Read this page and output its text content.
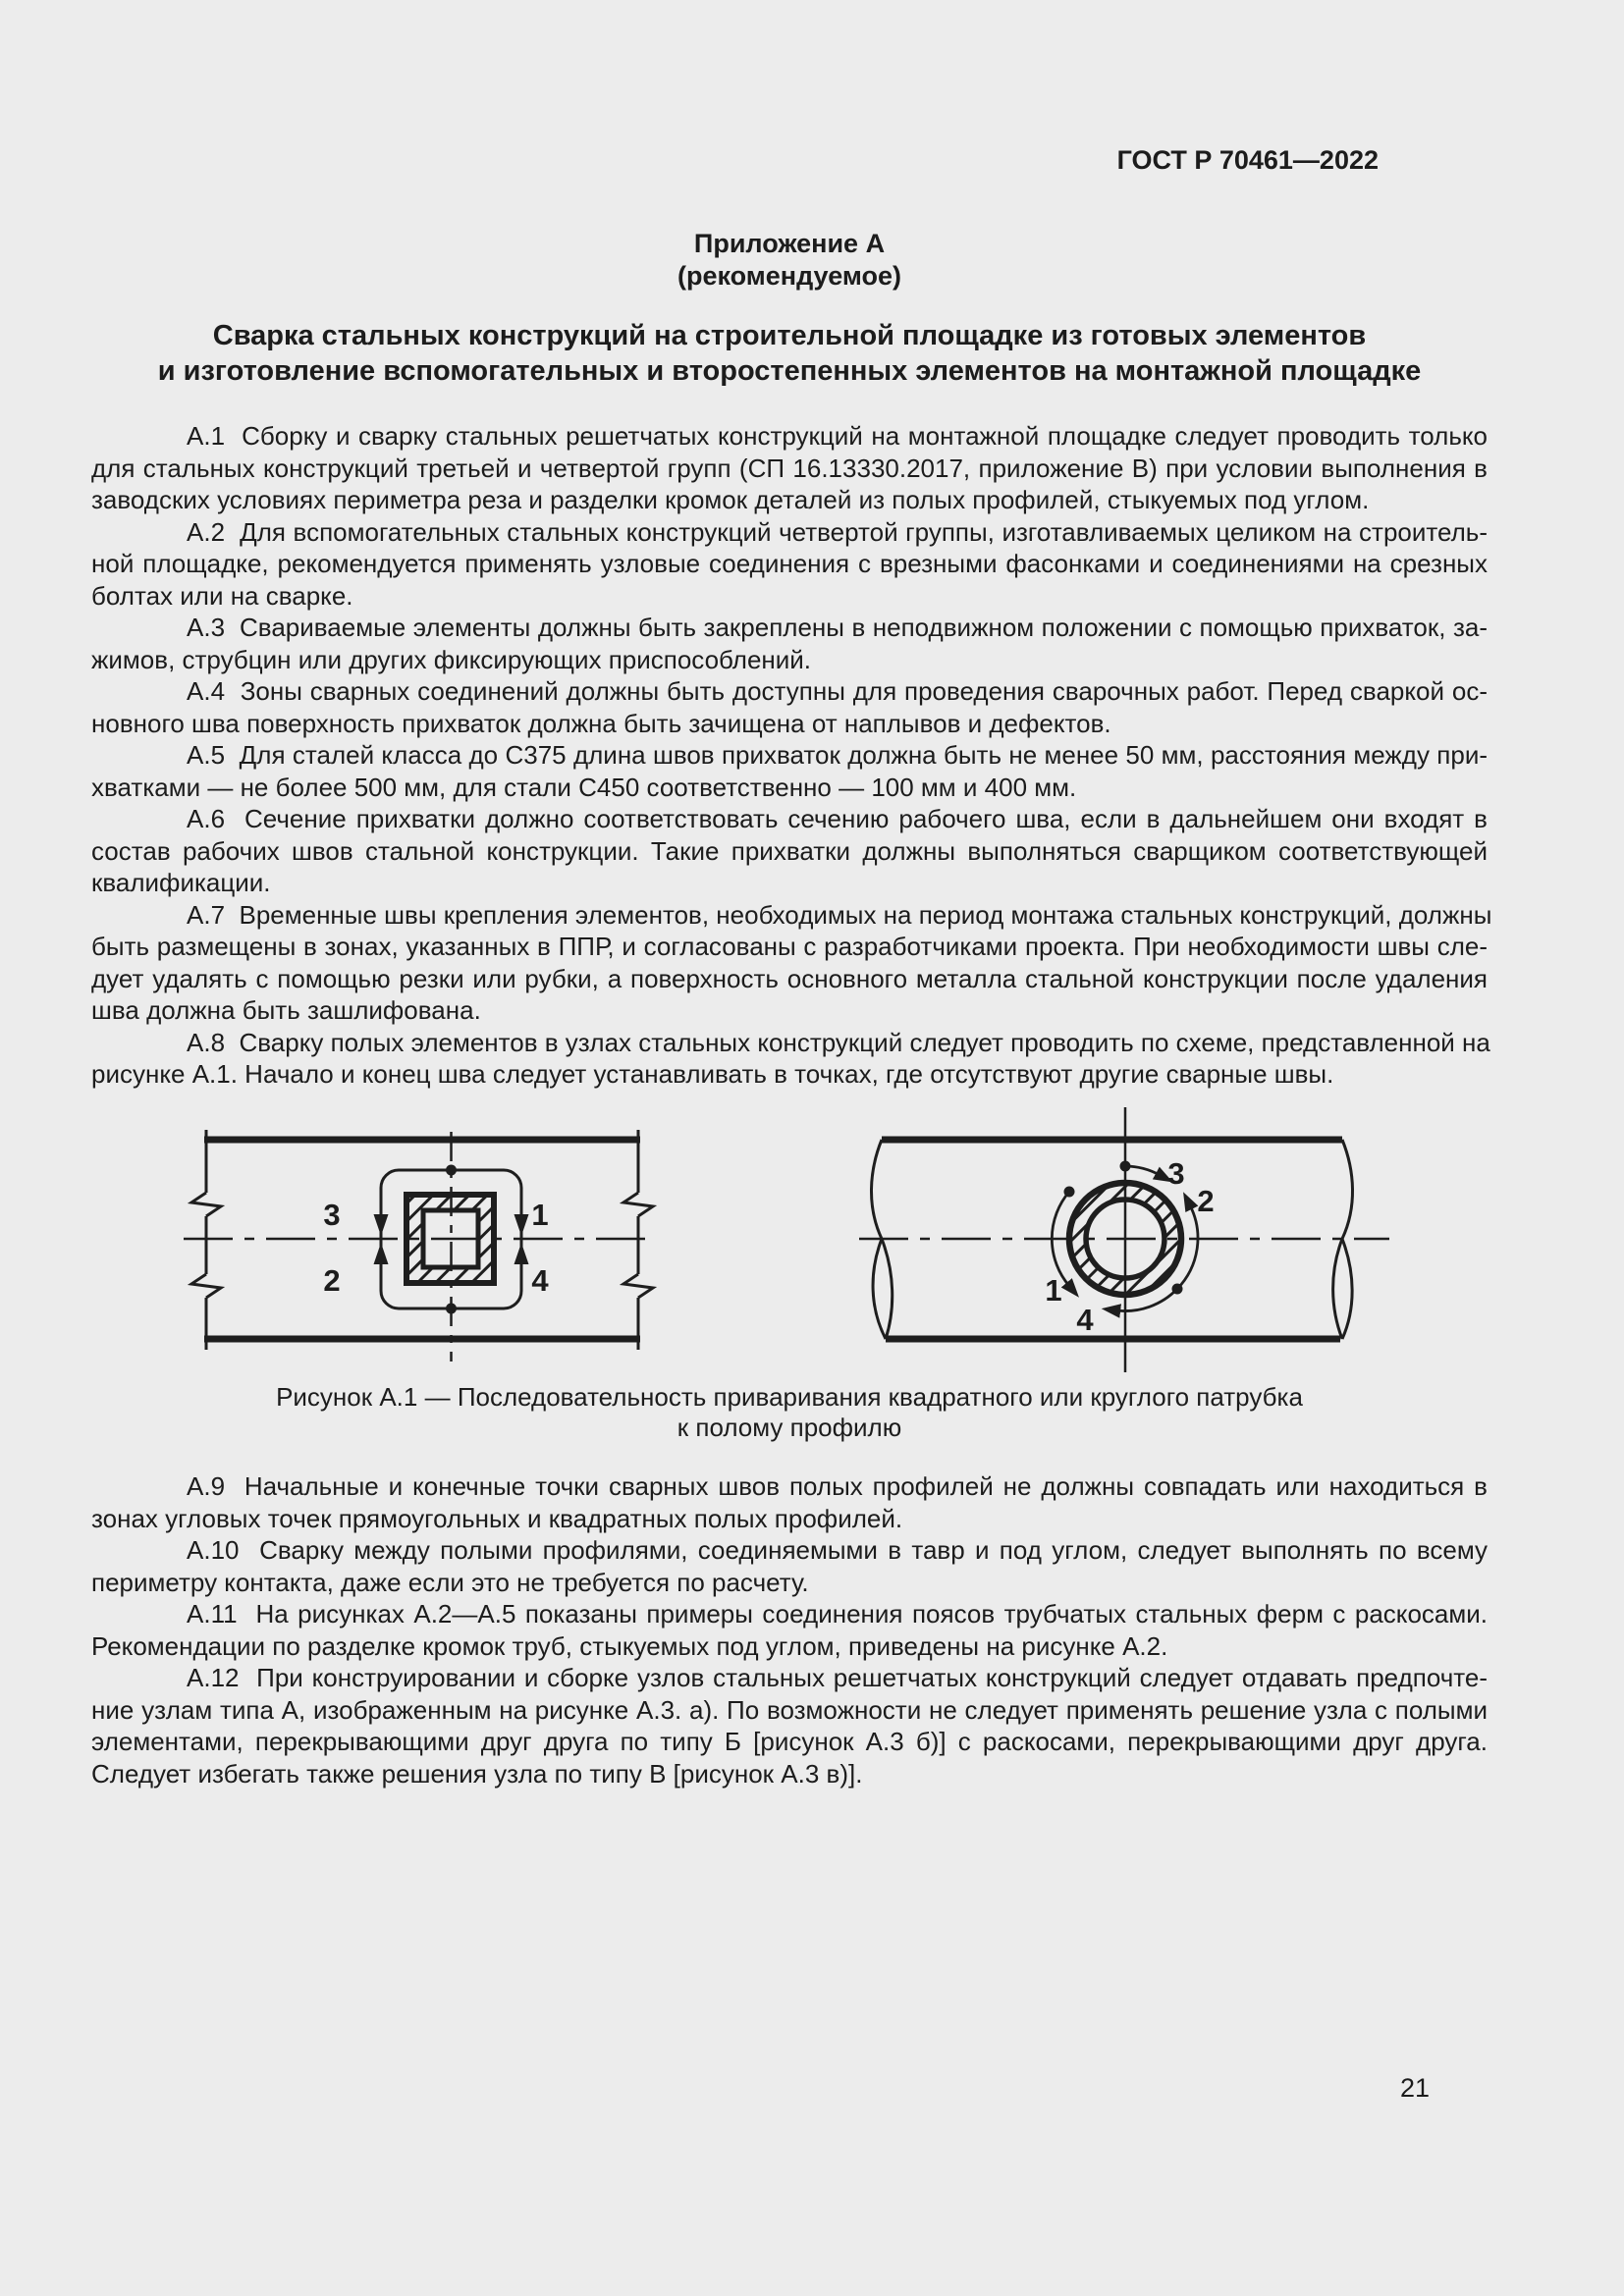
ГОСТ Р 70461—2022
Приложение А
(рекомендуемое)
Сварка стальных конструкций на строительной площадке из готовых элементов
и изготовление вспомогательных и второстепенных элементов на монтажной площадке
А.1  Сборку и сварку стальных решетчатых конструкций на монтажной площадке следует проводить только
для стальных конструкций третьей и четвертой групп (СП 16.13330.2017, приложение В) при условии выполнения в
заводских условиях периметра реза и разделки кромок деталей из полых профилей, стыкуемых под углом.
А.2  Для вспомогательных стальных конструкций четвертой группы, изготавливаемых целиком на строитель-
ной площадке, рекомендуется применять узловые соединения с врезными фасонками и соединениями на срезных
болтах или на сварке.
А.3  Свариваемые элементы должны быть закреплены в неподвижном положении с помощью прихваток, за-
жимов, струбцин или других фиксирующих приспособлений.
А.4  Зоны сварных соединений должны быть доступны для проведения сварочных работ. Перед сваркой ос-
новного шва поверхность прихваток должна быть зачищена от наплывов и дефектов.
А.5  Для сталей класса до С375 длина швов прихваток должна быть не менее 50 мм, расстояния между при-
хватками — не более 500 мм, для стали С450 соответственно — 100 мм и 400 мм.
А.6  Сечение прихватки должно соответствовать сечению рабочего шва, если в дальнейшем они входят в
состав рабочих швов стальной конструкции. Такие прихватки должны выполняться сварщиком соответствующей
квалификации.
А.7  Временные швы крепления элементов, необходимых на период монтажа стальных конструкций, должны
быть размещены в зонах, указанных в ППР, и согласованы с разработчиками проекта. При необходимости швы сле-
дует удалять с помощью резки или рубки, а поверхность основного металла стальной конструкции после удаления
шва должна быть зашлифована.
А.8  Сварку полых элементов в узлах стальных конструкций следует проводить по схеме, представленной на
рисунке А.1. Начало и конец шва следует устанавливать в точках, где отсутствуют другие сварные швы.
3
2
1
4
3
2
1
4
Рисунок А.1 — Последовательность приваривания квадратного или круглого патрубка
к полому профилю
А.9  Начальные и конечные точки сварных швов полых профилей не должны совпадать или находиться в
зонах угловых точек прямоугольных и квадратных полых профилей.
А.10  Сварку между полыми профилями, соединяемыми в тавр и под углом, следует выполнять по всему
периметру контакта, даже если это не требуется по расчету.
А.11  На рисунках А.2—А.5 показаны примеры соединения поясов трубчатых стальных ферм с раскосами.
Рекомендации по разделке кромок труб, стыкуемых под углом, приведены на рисунке А.2.
А.12  При конструировании и сборке узлов стальных решетчатых конструкций следует отдавать предпочте-
ние узлам типа А, изображенным на рисунке А.3. а). По возможности не следует применять решение узла с полыми
элементами, перекрывающими друг друга по типу Б [рисунок А.3 б)] с раскосами, перекрывающими друг друга.
Следует избегать также решения узла по типу В [рисунок А.3 в)].
21
